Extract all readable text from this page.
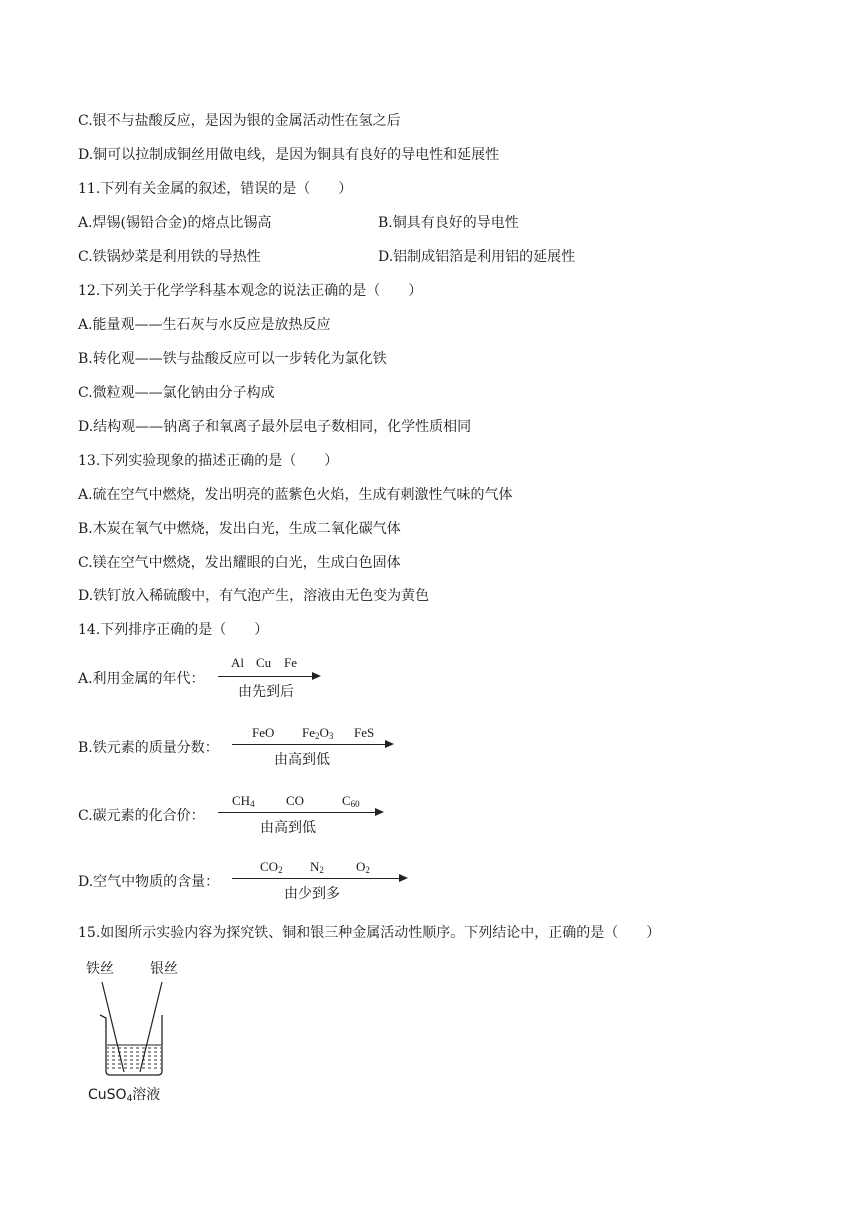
C.银不与盐酸反应，是因为银的金属活动性在氢之后
D.铜可以拉制成铜丝用做电线，是因为铜具有良好的导电性和延展性
11.下列有关金属的叙述，错误的是（　　）
A.焊锡(锡铅合金)的熔点比锡高	B.铜具有良好的导电性
C.铁锅炒菜是利用铁的导热性	D.铝制成铝箔是利用铝的延展性
12.下列关于化学学科基本观念的说法正确的是（　　）
A.能量观——生石灰与水反应是放热反应
B.转化观——铁与盐酸反应可以一步转化为氯化铁
C.微粒观——氯化钠由分子构成
D.结构观——钠离子和氧离子最外层电子数相同，化学性质相同
13.下列实验现象的描述正确的是（　　）
A.硫在空气中燃烧，发出明亮的蓝紫色火焰，生成有刺激性气味的气体
B.木炭在氧气中燃烧，发出白光，生成二氧化碳气体
C.镁在空气中燃烧，发出耀眼的白光，生成白色固体
D.铁钉放入稀硫酸中，有气泡产生，溶液由无色变为黄色
14.下列排序正确的是（　　）
A.利用金属的年代：
Al Cu Fe
由先到后
B.铁元素的质量分数：
FeO $Fe_2O_3$ FeS
由高到低
C.碳元素的化合价：
$CH_4$ CO	$C_{60}$
由高到低
D.空气中物质的含量：
$CO_2$ $N_2$ $O_2$
由少到多
15.如图所示实验内容为探究铁、铜和银三种金属活动性顺序。下列结论中，正确的是（　　）
铁丝	银丝
CuSO$_4$溶液
